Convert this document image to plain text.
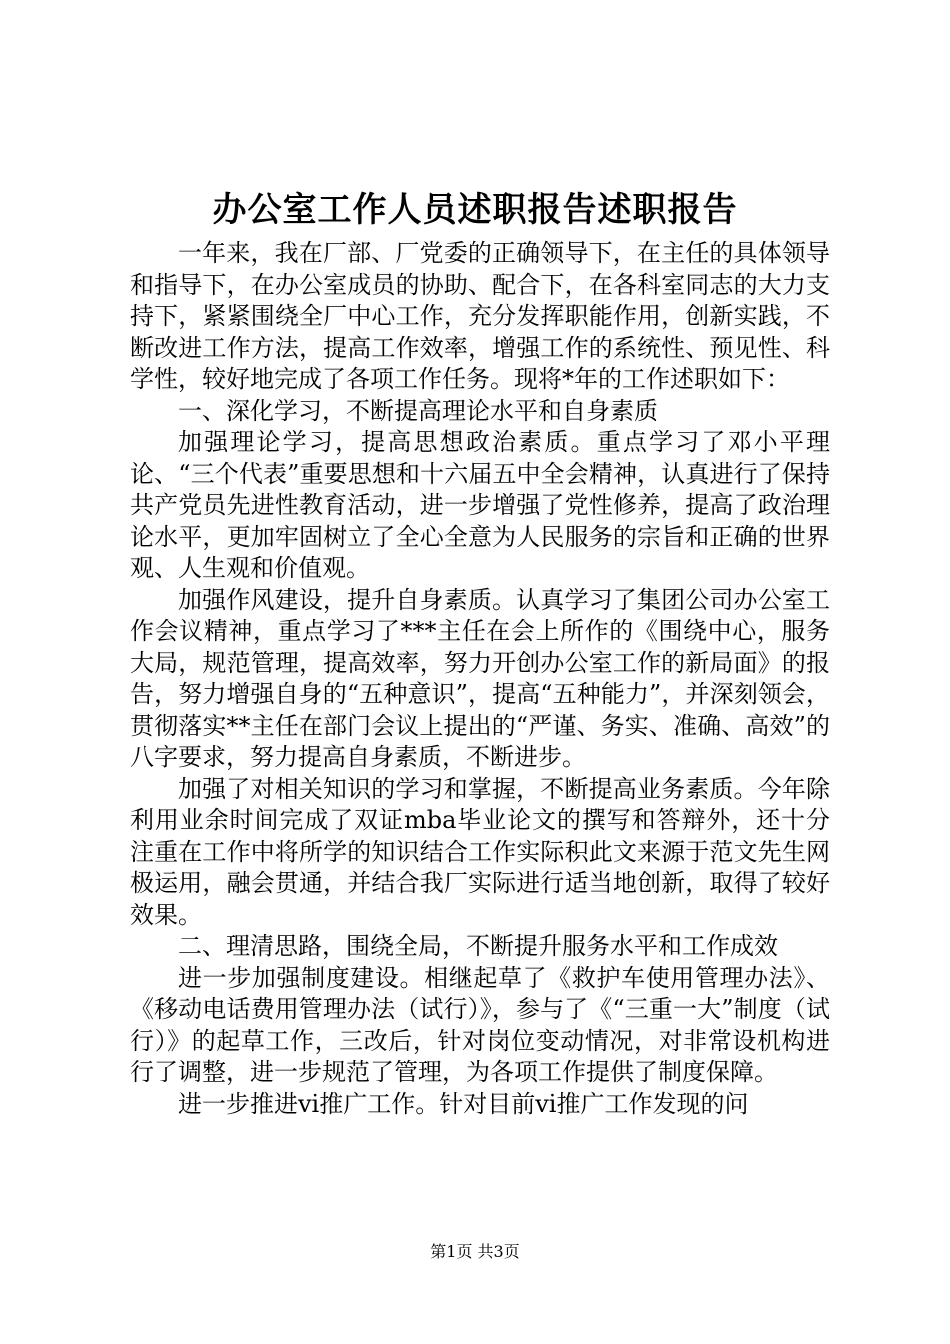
办公室工作人员述职报告述职报告

一年来，我在厂部、厂党委的正确领导下，在主任的具体领导和指导下，在办公室成员的协助、配合下，在各科室同志的大力支持下，紧紧围绕全厂中心工作，充分发挥职能作用，创新实践，不断改进工作方法，提高工作效率，增强工作的系统性、预见性、科学性，较好地完成了各项工作任务。现将*年的工作述职如下：

一、深化学习，不断提高理论水平和自身素质

加强理论学习，提高思想政治素质。重点学习了邓小平理论、“三个代表”重要思想和十六届五中全会精神，认真进行了保持共产党员先进性教育活动，进一步增强了党性修养，提高了政治理论水平，更加牢固树立了全心全意为人民服务的宗旨和正确的世界观、人生观和价值观。

加强作风建设，提升自身素质。认真学习了集团公司办公室工作会议精神，重点学习了***主任在会上所作的《围绕中心，服务大局，规范管理，提高效率，努力开创办公室工作的新局面》的报告，努力增强自身的“五种意识”，提高“五种能力”，并深刻领会，贯彻落实**主任在部门会议上提出的“严谨、务实、准确、高效”的八字要求，努力提高自身素质，不断进步。

加强了对相关知识的学习和掌握，不断提高业务素质。今年除利用业余时间完成了双证mba毕业论文的撰写和答辩外，还十分注重在工作中将所学的知识结合工作实际积此文来源于范文先生网极运用，融会贯通，并结合我厂实际进行适当地创新，取得了较好效果。

二、理清思路，围绕全局，不断提升服务水平和工作成效

进一步加强制度建设。相继起草了《救护车使用管理办法》、《移动电话费用管理办法（试行）》，参与了《“三重一大”制度（试行）》的起草工作，三改后，针对岗位变动情况，对非常设机构进行了调整，进一步规范了管理，为各项工作提供了制度保障。

进一步推进vi推广工作。针对目前vi推广工作发现的问

第1页 共3页
